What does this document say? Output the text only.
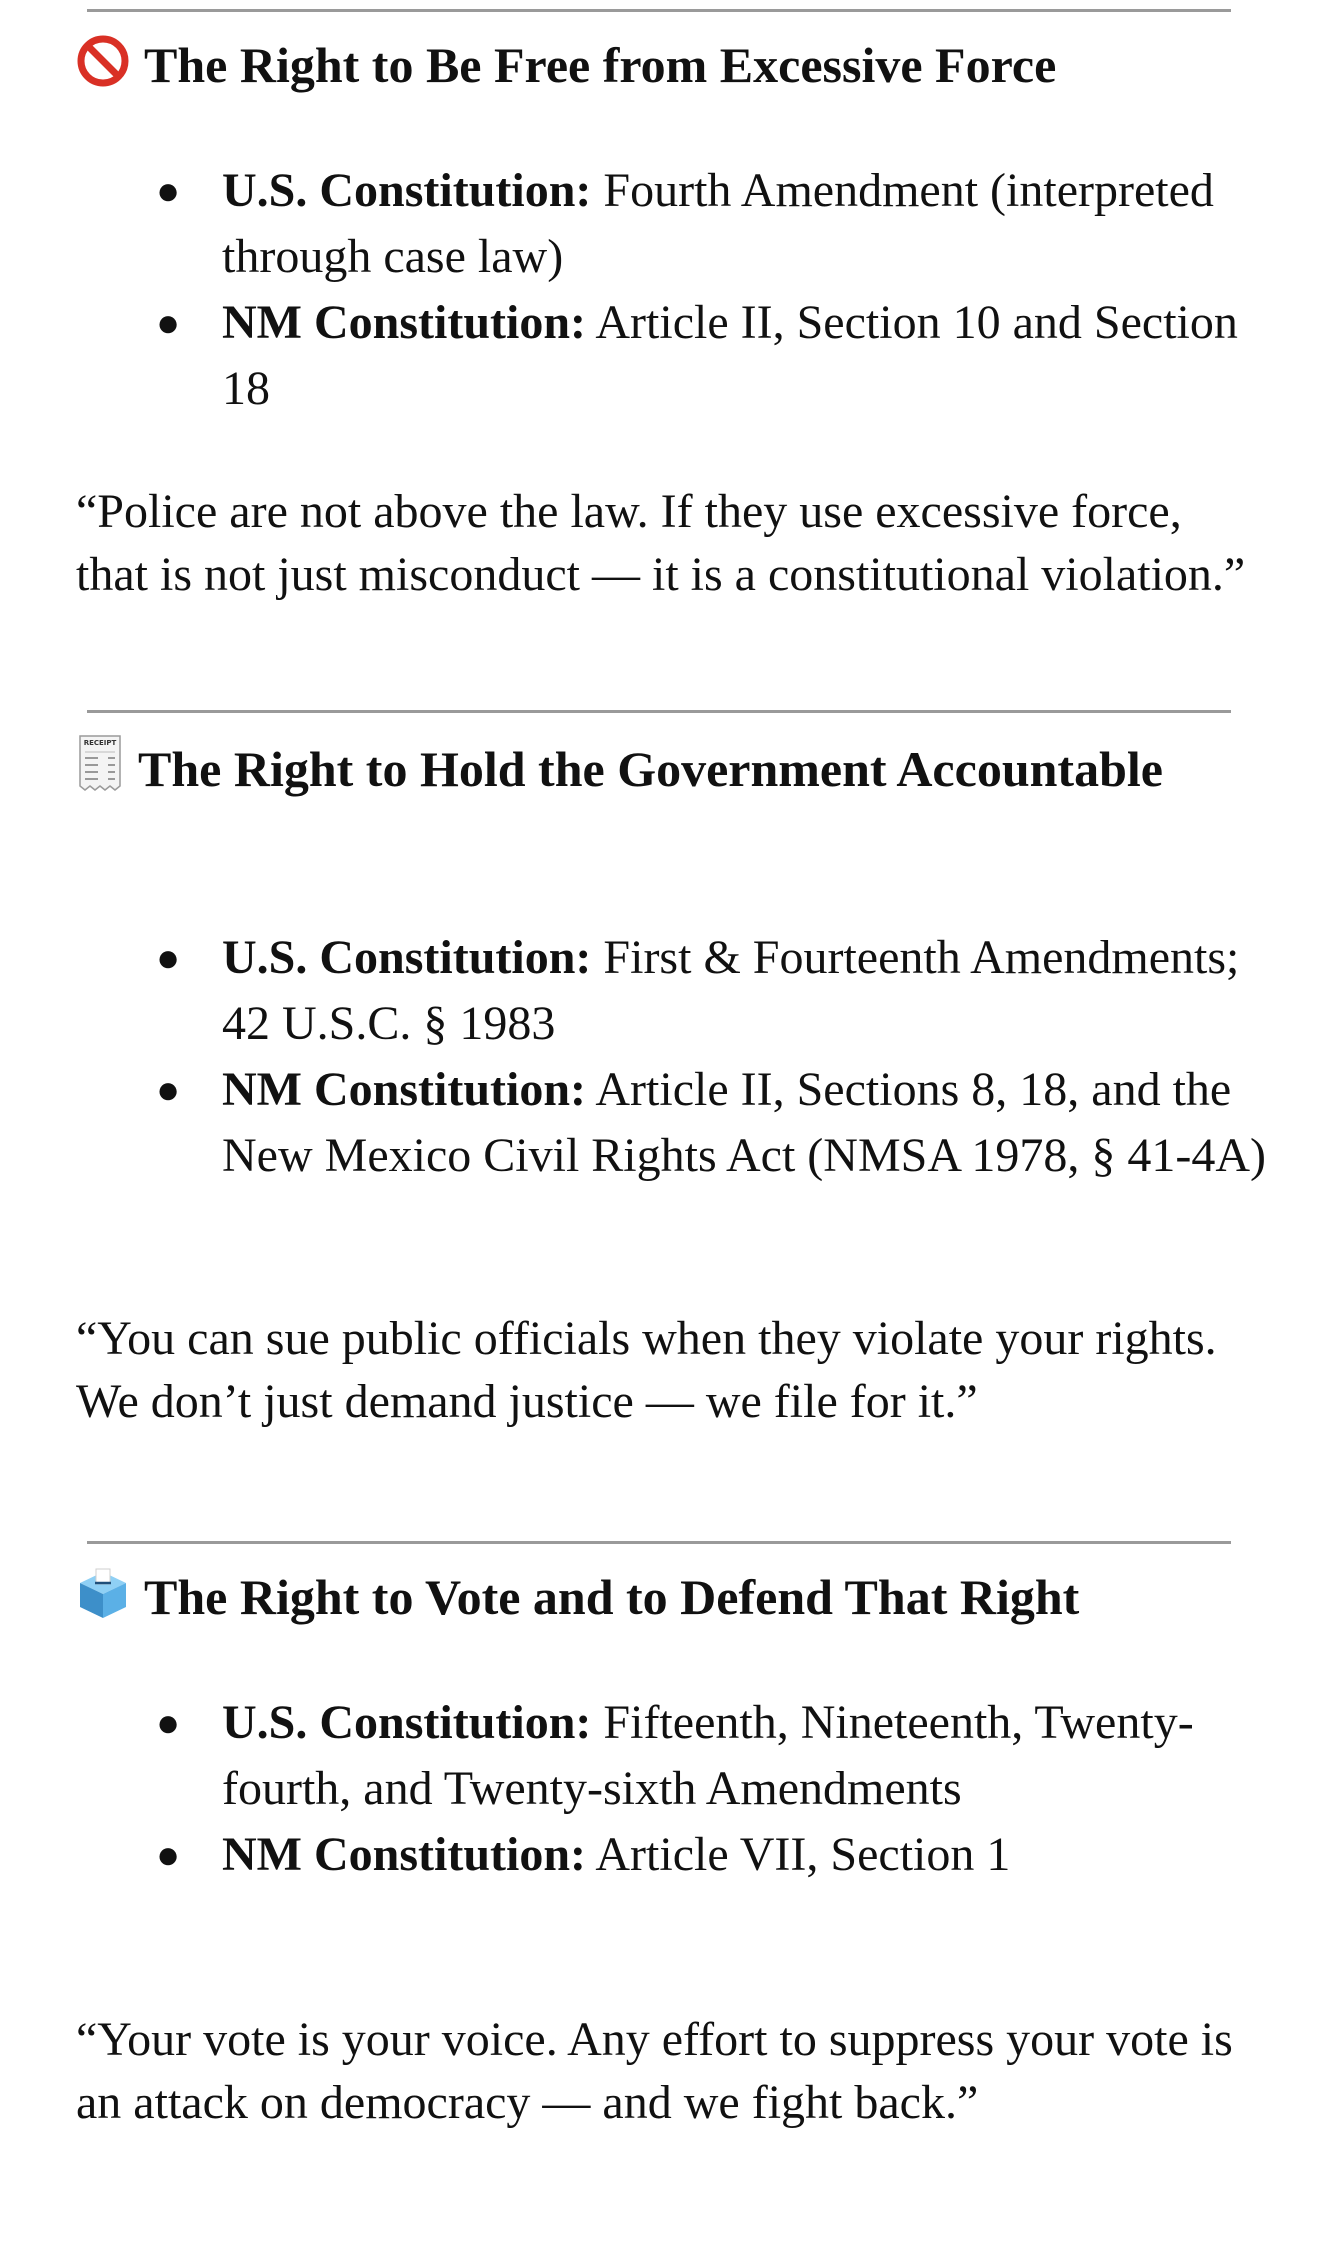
The Right to Be Free from Excessive Force
● U.S. Constitution: Fourth Amendment (interpreted through case law)
● NM Constitution: Article II, Section 10 and Section 18

“Police are not above the law. If they use excessive force, that is not just misconduct — it is a constitutional violation.”

RECEIPT The Right to Hold the Government Accountable
● U.S. Constitution: First & Fourteenth Amendments; 42 U.S.C. § 1983
● NM Constitution: Article II, Sections 8, 18, and the New Mexico Civil Rights Act (NMSA 1978, § 41-4A)

“You can sue public officials when they violate your rights. We don’t just demand justice — we file for it.”

The Right to Vote and to Defend That Right
● U.S. Constitution: Fifteenth, Nineteenth, Twenty-fourth, and Twenty-sixth Amendments
● NM Constitution: Article VII, Section 1

“Your vote is your voice. Any effort to suppress your vote is an attack on democracy — and we fight back.”
